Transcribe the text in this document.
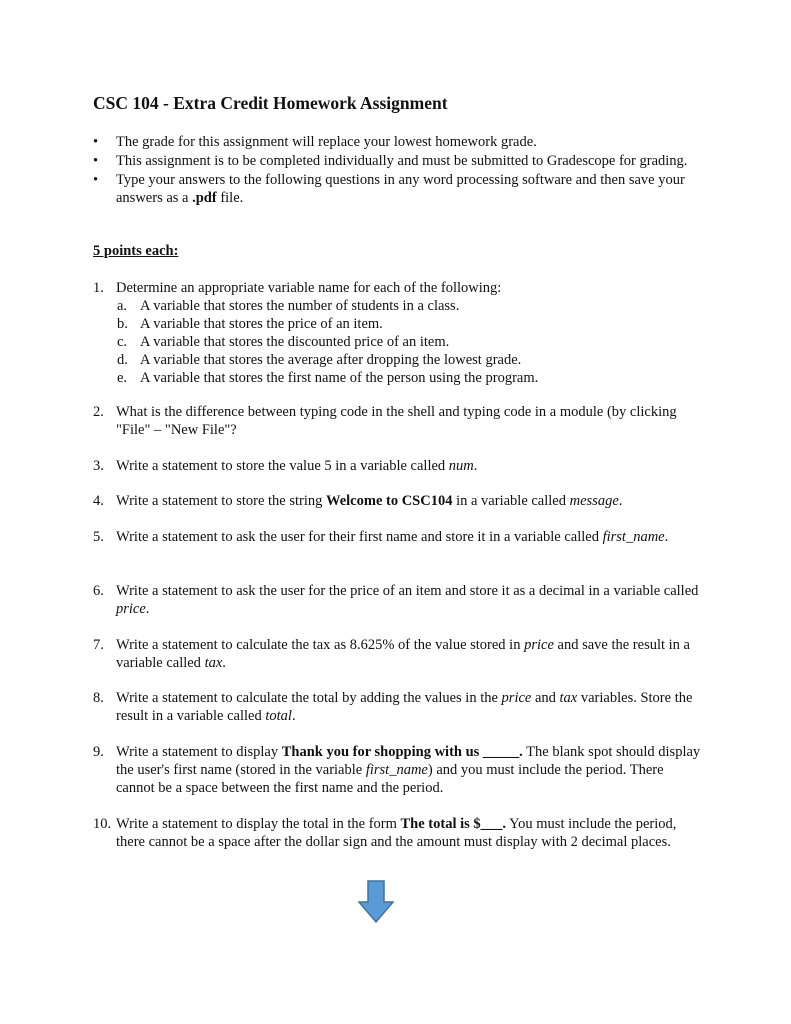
CSC 104 - Extra Credit Homework Assignment
• The grade for this assignment will replace your lowest homework grade.
• This assignment is to be completed individually and must be submitted to Gradescope for grading.
• Type your answers to the following questions in any word processing software and then save your answers as a .pdf file.
5 points each:
1. Determine an appropriate variable name for each of the following:
a. A variable that stores the number of students in a class.
b. A variable that stores the price of an item.
c. A variable that stores the discounted price of an item.
d. A variable that stores the average after dropping the lowest grade.
e. A variable that stores the first name of the person using the program.
2. What is the difference between typing code in the shell and typing code in a module (by clicking "File" – "New File"?
3. Write a statement to store the value 5 in a variable called num.
4. Write a statement to store the string Welcome to CSC104 in a variable called message.
5. Write a statement to ask the user for their first name and store it in a variable called first_name.
6. Write a statement to ask the user for the price of an item and store it as a decimal in a variable called price.
7. Write a statement to calculate the tax as 8.625% of the value stored in price and save the result in a variable called tax.
8. Write a statement to calculate the total by adding the values in the price and tax variables. Store the result in a variable called total.
9. Write a statement to display Thank you for shopping with us _____. The blank spot should display the user's first name (stored in the variable first_name) and you must include the period. There cannot be a space between the first name and the period.
10. Write a statement to display the total in the form The total is $___. You must include the period, there cannot be a space after the dollar sign and the amount must display with 2 decimal places.
